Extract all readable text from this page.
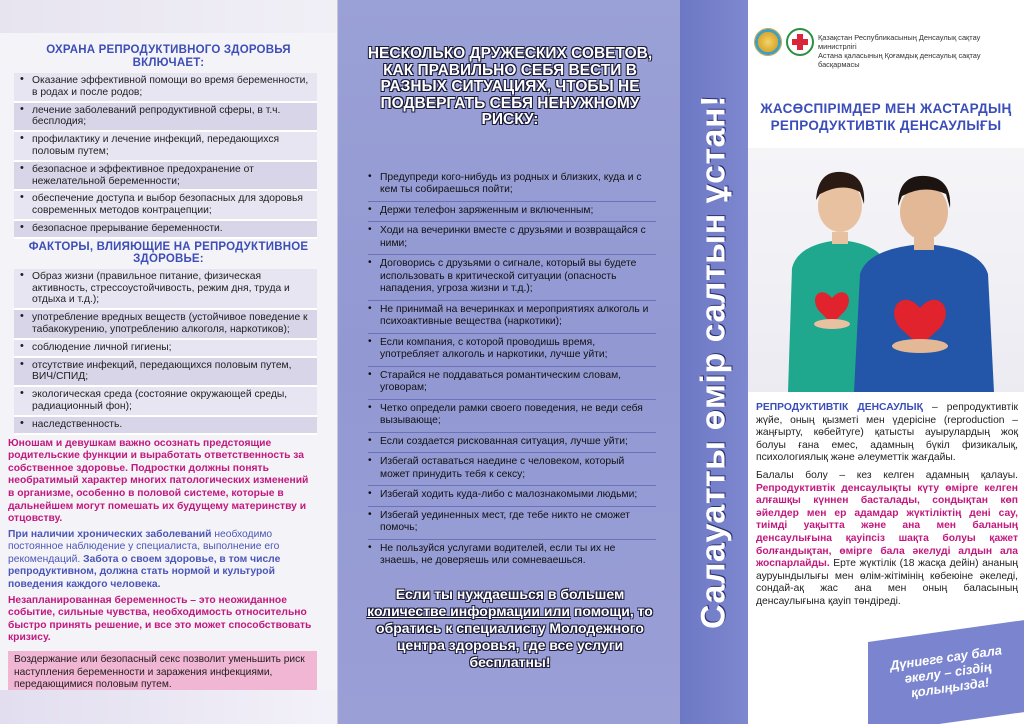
ОХРАНА РЕПРОДУКТИВНОГО ЗДОРОВЬЯ ВКЛЮЧАЕТ:
• Оказание эффективной помощи во время беременности, в родах и после родов;
• лечение заболеваний репродуктивной сферы, в т.ч. бесплодия;
• профилактику и лечение инфекций, передающихся половым путем;
• безопасное и эффективное предохранение от нежелательной беременности;
• обеспечение доступа и выбор безопасных для здоровья современных методов контрацепции;
• безопасное прерывание беременности.
ФАКТОРЫ, ВЛИЯЮЩИЕ НА РЕПРОДУКТИВНОЕ ЗДОРОВЬЕ:
• Образ жизни (правильное питание, физическая активность, стрессоустойчивость, режим дня, труда и отдыха и т.д.);
• употребление вредных веществ (устойчивое поведение к табакокурению, употреблению алкоголя, наркотиков);
• соблюдение личной гигиены;
• отсутствие инфекций, передающихся половым путем, ВИЧ/СПИД;
• экологическая среда (состояние окружающей среды, радиационный фон);
• наследственность.

Юношам и девушкам важно осознать предстоящие родительские функции и выработать ответственность за собственное здоровье. Подростки должны понять необратимый характер многих патологических изменений в организме, особенно в половой системе, которые в дальнейшем могут помешать их будущему материнству и отцовству.

При наличии хронических заболеваний необходимо постоянное наблюдение у специалиста, выполнение его рекомендаций. Забота о своем здоровье, в том числе репродуктивном, должна стать нормой и культурой поведения каждого человека.

Незапланированная беременность – это неожиданное событие, сильные чувства, необходимость относительно быстро принять решение, и все это может способствовать кризису.

Воздержание или безопасный секс позволит уменьшить риск наступления беременности и заражения инфекциями, передающимися половым путем.

НЕСКОЛЬКО ДРУЖЕСКИХ СОВЕТОВ, КАК ПРАВИЛЬНО СЕБЯ ВЕСТИ В РАЗНЫХ СИТУАЦИЯХ, ЧТОБЫ НЕ ПОДВЕРГАТЬ СЕБЯ НЕНУЖНОМУ РИСКУ:
• Предупреди кого-нибудь из родных и близких, куда и с кем ты собираешься пойти;
• Держи телефон заряженным и включенным;
• Ходи на вечеринки вместе с друзьями и возвращайся с ними;
• Договорись с друзьями о сигнале, который вы будете использовать в критической ситуации (опасность нападения, угроза жизни и т.д.);
• Не принимай на вечеринках и мероприятиях алкоголь и психоактивные вещества (наркотики);
• Если компания, с которой проводишь время, употребляет алкоголь и наркотики, лучше уйти;
• Старайся не поддаваться романтическим словам, уговорам;
• Четко определи рамки своего поведения, не веди себя вызывающе;
• Если создается рискованная ситуация, лучше уйти;
• Избегай оставаться наедине с человеком, который может принудить тебя к сексу;
• Избегай ходить куда-либо с малознакомыми людьми;
• Избегай уединенных мест, где тебе никто не сможет помочь;
• Не пользуйся услугами водителей, если ты их не знаешь, не доверяешь или сомневаешься.
Если ты нуждаешься в большем количестве информации или помощи, то обратись к специалисту Молодежного центра здоровья, где все услуги бесплатны!
Салауатты өмір салтын ұстан!
Қазақстан Республикасының Денсаулық сақтау министрлігі
Астана қаласының Қоғамдық денсаулық сақтау басқармасы
ЖАСӨСПІРІМДЕР МЕН ЖАСТАРДЫҢ РЕПРОДУКТИВТІК ДЕНСАУЛЫҒЫ

РЕПРОДУКТИВТІК ДЕНСАУЛЫҚ – репродуктивтік жүйе, оның қызметі мен үдерісіне (reproduction – жаңғырту, көбейтуге) қатысты ауырулардың жоқ болуы ғана емес, адамның бүкіл физикалық, психологиялық және әлеуметтік жағдайы.

Балалы болу – кез келген адамның қалауы. Репродуктивтік денсаулықты күту өмірге келген алғашқы күннен басталады, сондықтан көп әйелдер мен ер адамдар жүктіліктің дені сау, тиімді уақытта және ана мен баланың денсаулығына қауіпсіз шақта болуы қажет болғандықтан, өмірге бала әкелуді алдын ала жоспарлайды. Ерте жүктілік (18 жасқа дейін) ананың ауруындылығы мен өлім-жітімінің көбеюіне әкеледі, сондай-ақ жас ана мен оның баласының денсаулығына қауіп төндіреді.

Дүниеге сау бала әкелу – сіздің қолыңызда!
